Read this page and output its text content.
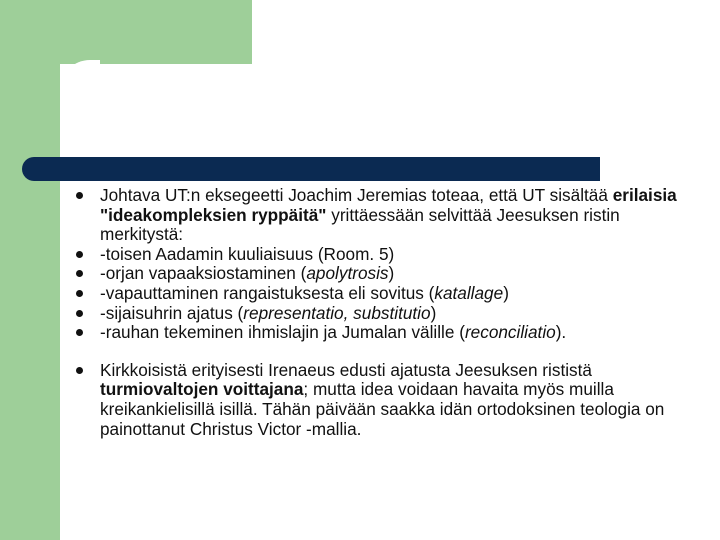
Johtava UT:n eksegeetti Joachim Jeremias toteaa, että UT sisältää erilaisia "ideakompleksien ryppäitä" yrittäessään selvittää Jeesuksen ristin merkitystä:
-toisen Aadamin kuuliaisuus (Room. 5)
-orjan vapaaksiostaminen (apolytrosis)
-vapauttaminen rangaistuksesta eli sovitus (katallage)
-sijaisuhrin ajatus (representatio, substitutio)
-rauhan tekeminen ihmislajin ja Jumalan välille (reconciliatio).
Kirkkoisistä erityisesti Irenaeus edusti ajatusta Jeesuksen rististä turmiovaltojen voittajana; mutta idea voidaan havaita myös muilla kreikankielisillä isillä. Tähän päivään saakka idän ortodoksinen teologia on painottanut Christus Victor -mallia.
